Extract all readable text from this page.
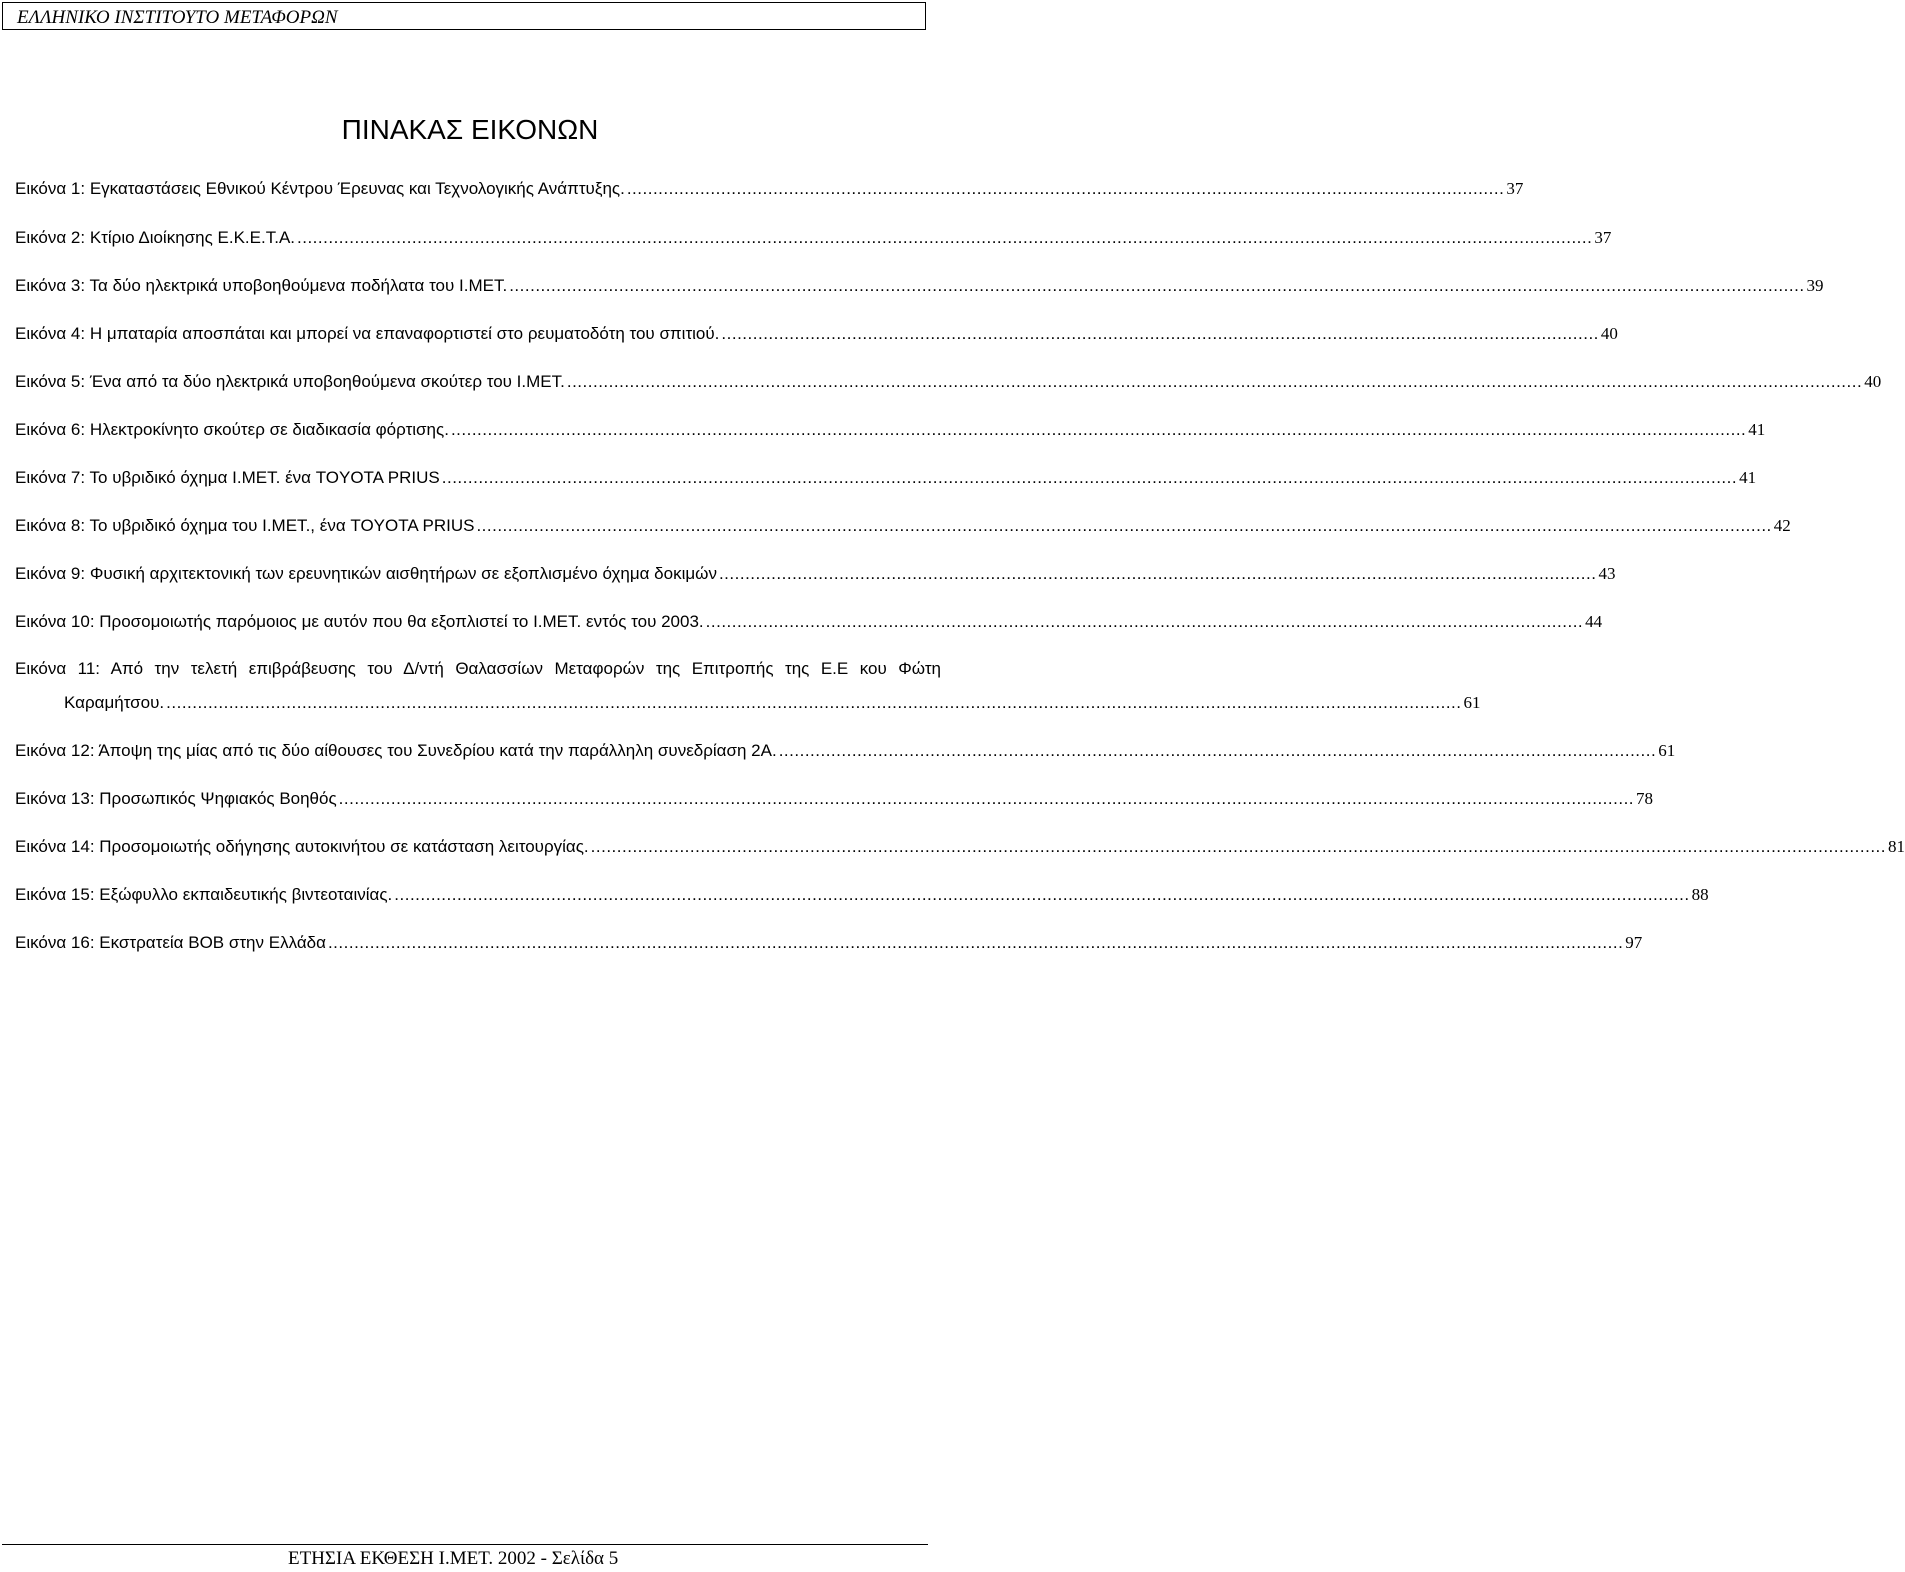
ΕΛΛΗΝΙΚΟ ΙΝΣΤΙΤΟΥΤΟ ΜΕΤΑΦΟΡΩΝ
ΠΙΝΑΚΑΣ ΕΙΚΟΝΩΝ
Εικόνα 1: Εγκαταστάσεις Εθνικού Κέντρου Έρευνας και Τεχνολογικής Ανάπτυξης. ........................................................................................................................................................................ 37
Εικόνα 2: Κτίριο Διοίκησης Ε.Κ.Ε.Τ.Α. ........................................................................................................................................................................................................................................................ 37
Εικόνα 3: Τα δύο ηλεκτρικά υποβοηθούμενα ποδήλατα του Ι.ΜΕΤ. ........................................................................................................................................................................................................................................................ 39
Εικόνα 4: Η μπαταρία αποσπάται και μπορεί να επαναφορτιστεί στο ρευματοδότη του σπιτιού. ........................................................................................................................................................................ 40
Εικόνα 5: Ένα από τα δύο ηλεκτρικά υποβοηθούμενα σκούτερ του Ι.ΜΕΤ. ........................................................................................................................................................................................................................................................ 40
Εικόνα 6: Ηλεκτροκίνητο σκούτερ σε διαδικασία φόρτισης. ........................................................................................................................................................................................................................................................ 41
Εικόνα 7: Το υβριδικό όχημα Ι.ΜΕΤ. ένα TOYOTA PRIUS ........................................................................................................................................................................................................................................................ 41
Εικόνα 8: Το υβριδικό όχημα του Ι.ΜΕΤ., ένα TOYOTA PRIUS ........................................................................................................................................................................................................................................................ 42
Εικόνα 9: Φυσική αρχιτεκτονική των ερευνητικών αισθητήρων σε εξοπλισμένο όχημα δοκιμών ........................................................................................................................................................................ 43
Εικόνα 10: Προσομοιωτής παρόμοιος με αυτόν που θα εξοπλιστεί το Ι.ΜΕΤ. εντός του 2003. ........................................................................................................................................................................ 44
Εικόνα 11: Από την τελετή επιβράβευσης του Δ/ντή Θαλασσίων Μεταφορών της Επιτροπής της Ε.Ε κου Φώτη
Καραμήτσου. ........................................................................................................................................................................................................................................................ 61
Εικόνα 12: Άποψη της μίας από τις δύο αίθουσες του Συνεδρίου κατά την παράλληλη συνεδρίαση 2Α. ........................................................................................................................................................................ 61
Εικόνα 13: Προσωπικός Ψηφιακός Βοηθός ........................................................................................................................................................................................................................................................ 78
Εικόνα 14: Προσομοιωτής οδήγησης αυτοκινήτου σε κατάσταση λειτουργίας. ........................................................................................................................................................................................................................................................ 81
Εικόνα 15: Εξώφυλλο εκπαιδευτικής βιντεοταινίας. ........................................................................................................................................................................................................................................................ 88
Εικόνα 16: Εκστρατεία ΒΟΒ στην Ελλάδα ........................................................................................................................................................................................................................................................ 97
ΕΤΗΣΙΑ ΕΚΘΕΣΗ Ι.ΜΕΤ. 2002 - Σελίδα 5
